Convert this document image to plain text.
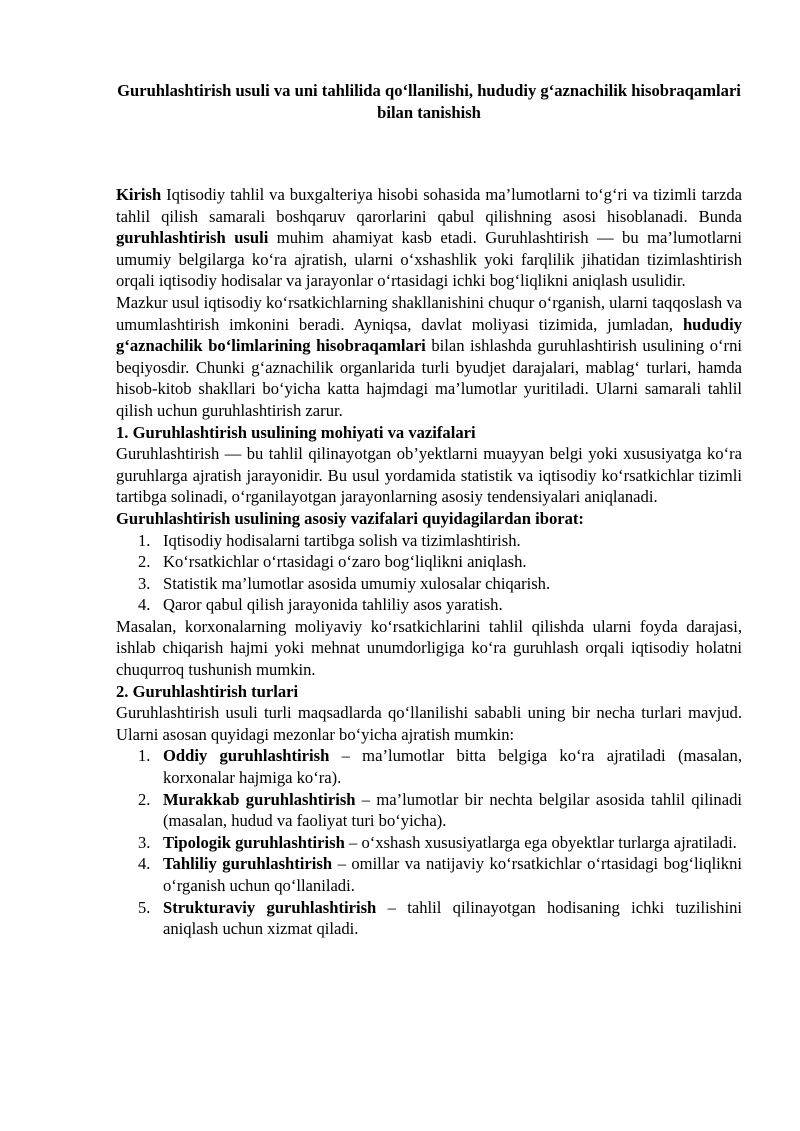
Guruhlashtirish usuli va uni tahlilida qo‘llanilishi, hududiy g‘aznachilik hisobraqamlari bilan tanishish

Kirish Iqtisodiy tahlil va buxgalteriya hisobi sohasida ma’lumotlarni to‘g‘ri va tizimli tarzda tahlil qilish samarali boshqaruv qarorlarini qabul qilishning asosi hisoblanadi. Bunda guruhlashtirish usuli muhim ahamiyat kasb etadi. Guruhlashtirish — bu ma’lumotlarni umumiy belgilarga ko‘ra ajratish, ularni o‘xshashlik yoki farqlilik jihatidan tizimlashtirish orqali iqtisodiy hodisalar va jarayonlar o‘rtasidagi ichki bog‘liqlikni aniqlash usulidir.

Mazkur usul iqtisodiy ko‘rsatkichlarning shakllanishini chuqur o‘rganish, ularni taqqoslash va umumlashtirish imkonini beradi. Ayniqsa, davlat moliyasi tizimida, jumladan, hududiy g‘aznachilik bo‘limlarining hisobraqamlari bilan ishlashda guruhlashtirish usulining o‘rni beqiyosdir. Chunki g‘aznachilik organlarida turli byudjet darajalari, mablag‘ turlari, hamda hisob-kitob shakllari bo‘yicha katta hajmdagi ma’lumotlar yuritiladi. Ularni samarali tahlil qilish uchun guruhlashtirish zarur.

1. Guruhlashtirish usulining mohiyati va vazifalari

Guruhlashtirish — bu tahlil qilinayotgan ob’yektlarni muayyan belgi yoki xususiyatga ko‘ra guruhlarga ajratish jarayonidir. Bu usul yordamida statistik va iqtisodiy ko‘rsatkichlar tizimli tartibga solinadi, o‘rganilayotgan jarayonlarning asosiy tendensiyalari aniqlanadi.

Guruhlashtirish usulining asosiy vazifalari quyidagilardan iborat:
1. Iqtisodiy hodisalarni tartibga solish va tizimlashtirish.
2. Ko‘rsatkichlar o‘rtasidagi o‘zaro bog‘liqlikni aniqlash.
3. Statistik ma’lumotlar asosida umumiy xulosalar chiqarish.
4. Qaror qabul qilish jarayonida tahliliy asos yaratish.

Masalan, korxonalarning moliyaviy ko‘rsatkichlarini tahlil qilishda ularni foyda darajasi, ishlab chiqarish hajmi yoki mehnat unumdorligiga ko‘ra guruhlash orqali iqtisodiy holatni chuqurroq tushunish mumkin.

2. Guruhlashtirish turlari

Guruhlashtirish usuli turli maqsadlarda qo‘llanilishi sababli uning bir necha turlari mavjud. Ularni asosan quyidagi mezonlar bo‘yicha ajratish mumkin:

1. Oddiy guruhlashtirish – ma’lumotlar bitta belgiga ko‘ra ajratiladi (masalan, korxonalar hajmiga ko‘ra).
2. Murakkab guruhlashtirish – ma’lumotlar bir nechta belgilar asosida tahlil qilinadi (masalan, hudud va faoliyat turi bo‘yicha).
3. Tipologik guruhlashtirish – o‘xshash xususiyatlarga ega obyektlar turlarga ajratiladi.
4. Tahliliy guruhlashtirish – omillar va natijaviy ko‘rsatkichlar o‘rtasidagi bog‘liqlikni o‘rganish uchun qo‘llaniladi.
5. Strukturaviy guruhlashtirish – tahlil qilinayotgan hodisaning ichki tuzilishini aniqlash uchun xizmat qiladi.
